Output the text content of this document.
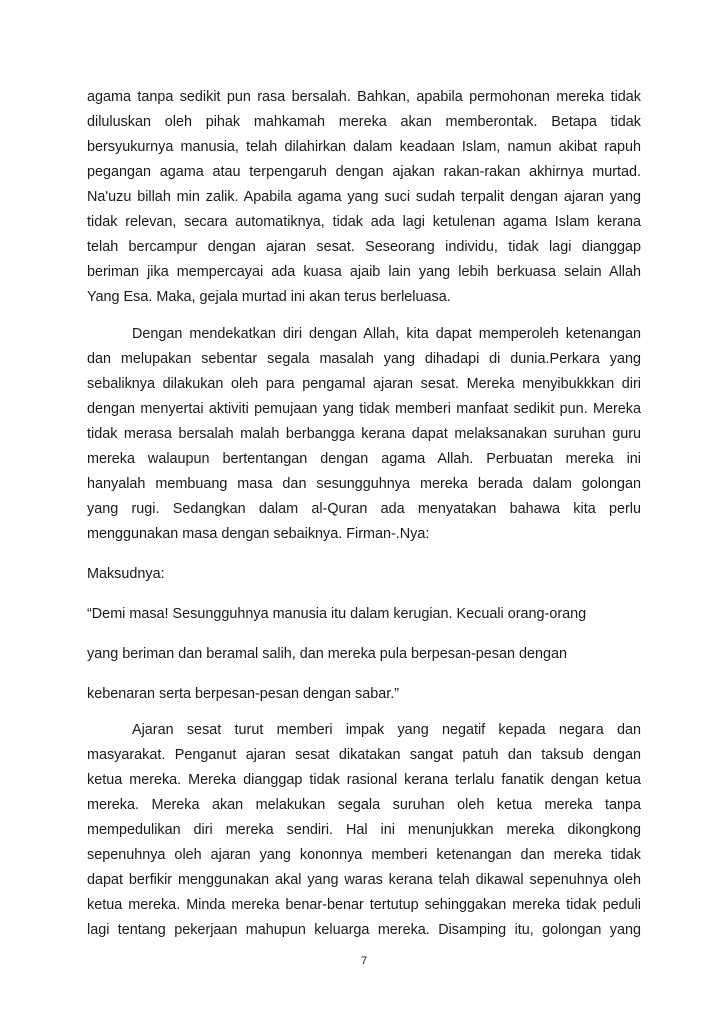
agama tanpa sedikit pun rasa bersalah. Bahkan, apabila permohonan mereka tidak
diluluskan oleh pihak mahkamah mereka akan memberontak. Betapa tidak
bersyukurnya manusia, telah dilahirkan dalam keadaan Islam, namun akibat rapuh
pegangan agama atau terpengaruh dengan ajakan rakan-rakan akhirnya murtad.
Na'uzu billah min zalik. Apabila agama yang suci sudah terpalit dengan ajaran yang
tidak relevan, secara automatiknya, tidak ada lagi ketulenan agama Islam kerana
telah bercampur dengan ajaran sesat. Seseorang individu, tidak lagi dianggap
beriman jika mempercayai ada kuasa ajaib lain yang lebih berkuasa selain Allah
Yang Esa. Maka, gejala murtad ini akan terus berleluasa.
Dengan mendekatkan diri dengan Allah, kita dapat memperoleh ketenangan
dan melupakan sebentar segala masalah yang dihadapi di dunia.Perkara yang
sebaliknya dilakukan oleh para pengamal ajaran sesat. Mereka menyibukkkan diri
dengan menyertai aktiviti pemujaan yang tidak memberi manfaat sedikit pun. Mereka
tidak merasa bersalah malah berbangga kerana dapat melaksanakan suruhan guru
mereka walaupun bertentangan dengan agama Allah. Perbuatan mereka ini
hanyalah membuang masa dan sesungguhnya mereka berada dalam golongan
yang rugi. Sedangkan dalam al-Quran ada menyatakan bahawa kita perlu
menggunakan masa dengan sebaiknya. Firman-.Nya:
Maksudnya:
“Demi masa! Sesungguhnya manusia itu dalam kerugian. Kecuali orang-orang
yang beriman dan beramal salih, dan mereka pula berpesan-pesan dengan
kebenaran serta berpesan-pesan dengan sabar.”
Ajaran sesat turut memberi impak yang negatif kepada negara dan
masyarakat. Penganut ajaran sesat dikatakan sangat patuh dan taksub dengan
ketua mereka. Mereka dianggap tidak rasional kerana terlalu fanatik dengan ketua
mereka. Mereka akan melakukan segala suruhan oleh ketua mereka tanpa
mempedulikan diri mereka sendiri. Hal ini menunjukkan mereka dikongkong
sepenuhnya oleh ajaran yang kononnya memberi ketenangan dan mereka tidak
dapat berfikir menggunakan akal yang waras kerana telah dikawal sepenuhnya oleh
ketua mereka. Minda mereka benar-benar tertutup sehinggakan mereka tidak peduli
lagi tentang pekerjaan mahupun keluarga mereka. Disamping itu, golongan yang
7
